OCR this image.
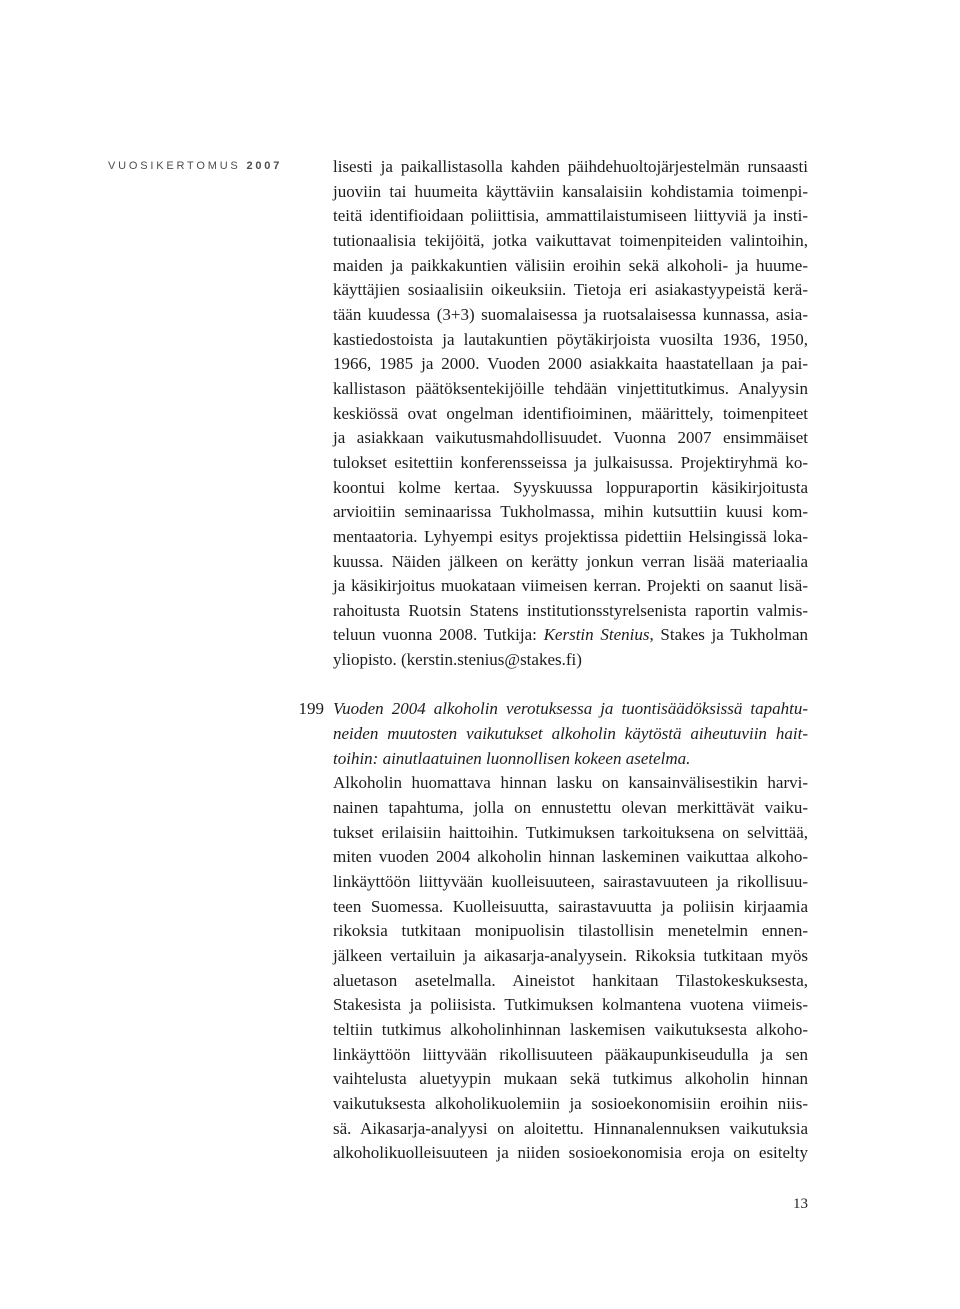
VUOSIKERTOMUS 2007	lisesti ja paikallistasolla kahden päihdehuoltojärjestelmän runsaasti
juoviin tai huumeita käyttäviin kansalaisiin kohdistamia toimenpi-
teitä identifioidaan poliittisia, ammattilaistumiseen liittyviä ja insti-
tutionaalisia tekijöitä, jotka vaikuttavat toimenpiteiden valintoihin,
maiden ja paikkakuntien välisiin eroihin sekä alkoholi- ja huume-
käyttäjien sosiaalisiin oikeuksiin. Tietoja eri asiakastyypeistä kerä-
tään kuudessa (3+3) suomalaisessa ja ruotsalaisessa kunnassa, asia-
kastiedostoista ja lautakuntien pöytäkirjoista vuosilta 1936, 1950,
1966, 1985 ja 2000. Vuoden 2000 asiakkaita haastatellaan ja pai-
kallistason päätöksentekijöille tehdään vinjettitutkimus. Analyysin
keskiössä ovat ongelman identifioiminen, määrittely, toimenpiteet
ja asiakkaan vaikutusmahdollisuudet. Vuonna 2007 ensimmäiset
tulokset esitettiin konferensseissa ja julkaisussa. Projektiryhmä ko-
koontui kolme kertaa. Syyskuussa loppuraportin käsikirjoitusta
arvioitiin seminaarissa Tukholmassa, mihin kutsuttiin kuusi kom-
mentaatoria. Lyhyempi esitys projektissa pidettiin Helsingissä loka-
kuussa. Näiden jälkeen on kerätty jonkun verran lisää materiaalia
ja käsikirjoitus muokataan viimeisen kerran. Projekti on saanut lisä-
rahoitusta Ruotsin Statens institutionsstyrelsenista raportin valmis-
teluun vuonna 2008. Tutkija: Kerstin Stenius, Stakes ja Tukholman
yliopisto. (kerstin.stenius@stakes.fi)
199 Vuoden 2004 alkoholin verotuksessa ja tuontisäädöksissä tapahtu-
neiden muutosten vaikutukset alkoholin käytöstä aiheutuviin hait-
toihin: ainutlaatuinen luonnollisen kokeen asetelma.
Alkoholin huomattava hinnan lasku on kansainvälisestikin harvi-
nainen tapahtuma, jolla on ennustettu olevan merkittävät vaiku-
tukset erilaisiin haittoihin. Tutkimuksen tarkoituksena on selvittää,
miten vuoden 2004 alkoholin hinnan laskeminen vaikuttaa alkoho-
linkäyttöön liittyvään kuolleisuuteen, sairastavuuteen ja rikollisuu-
teen Suomessa. Kuolleisuutta, sairastavuutta ja poliisin kirjaamia
rikoksia tutkitaan monipuolisin tilastollisin menetelmin ennen-
jälkeen vertailuin ja aikasarja-analyysein. Rikoksia tutkitaan myös
aluetason asetelmalla. Aineistot hankitaan Tilastokeskuksesta,
Stakesista ja poliisista. Tutkimuksen kolmantena vuotena viimeis-
teltiin tutkimus alkoholinhinnan laskemisen vaikutuksesta alkoho-
linkäyttöön liittyvään rikollisuuteen pääkaupunkiseudulla ja sen
vaihtelusta aluetyypin mukaan sekä tutkimus alkoholin hinnan
vaikutuksesta alkoholikuolemiin ja sosioekonomisiin eroihin niis-
sä. Aikasarja-analyysi on aloitettu. Hinnanalennuksen vaikutuksia
alkoholikuolleisuuteen ja niiden sosioekonomisia eroja on esitelty
13
